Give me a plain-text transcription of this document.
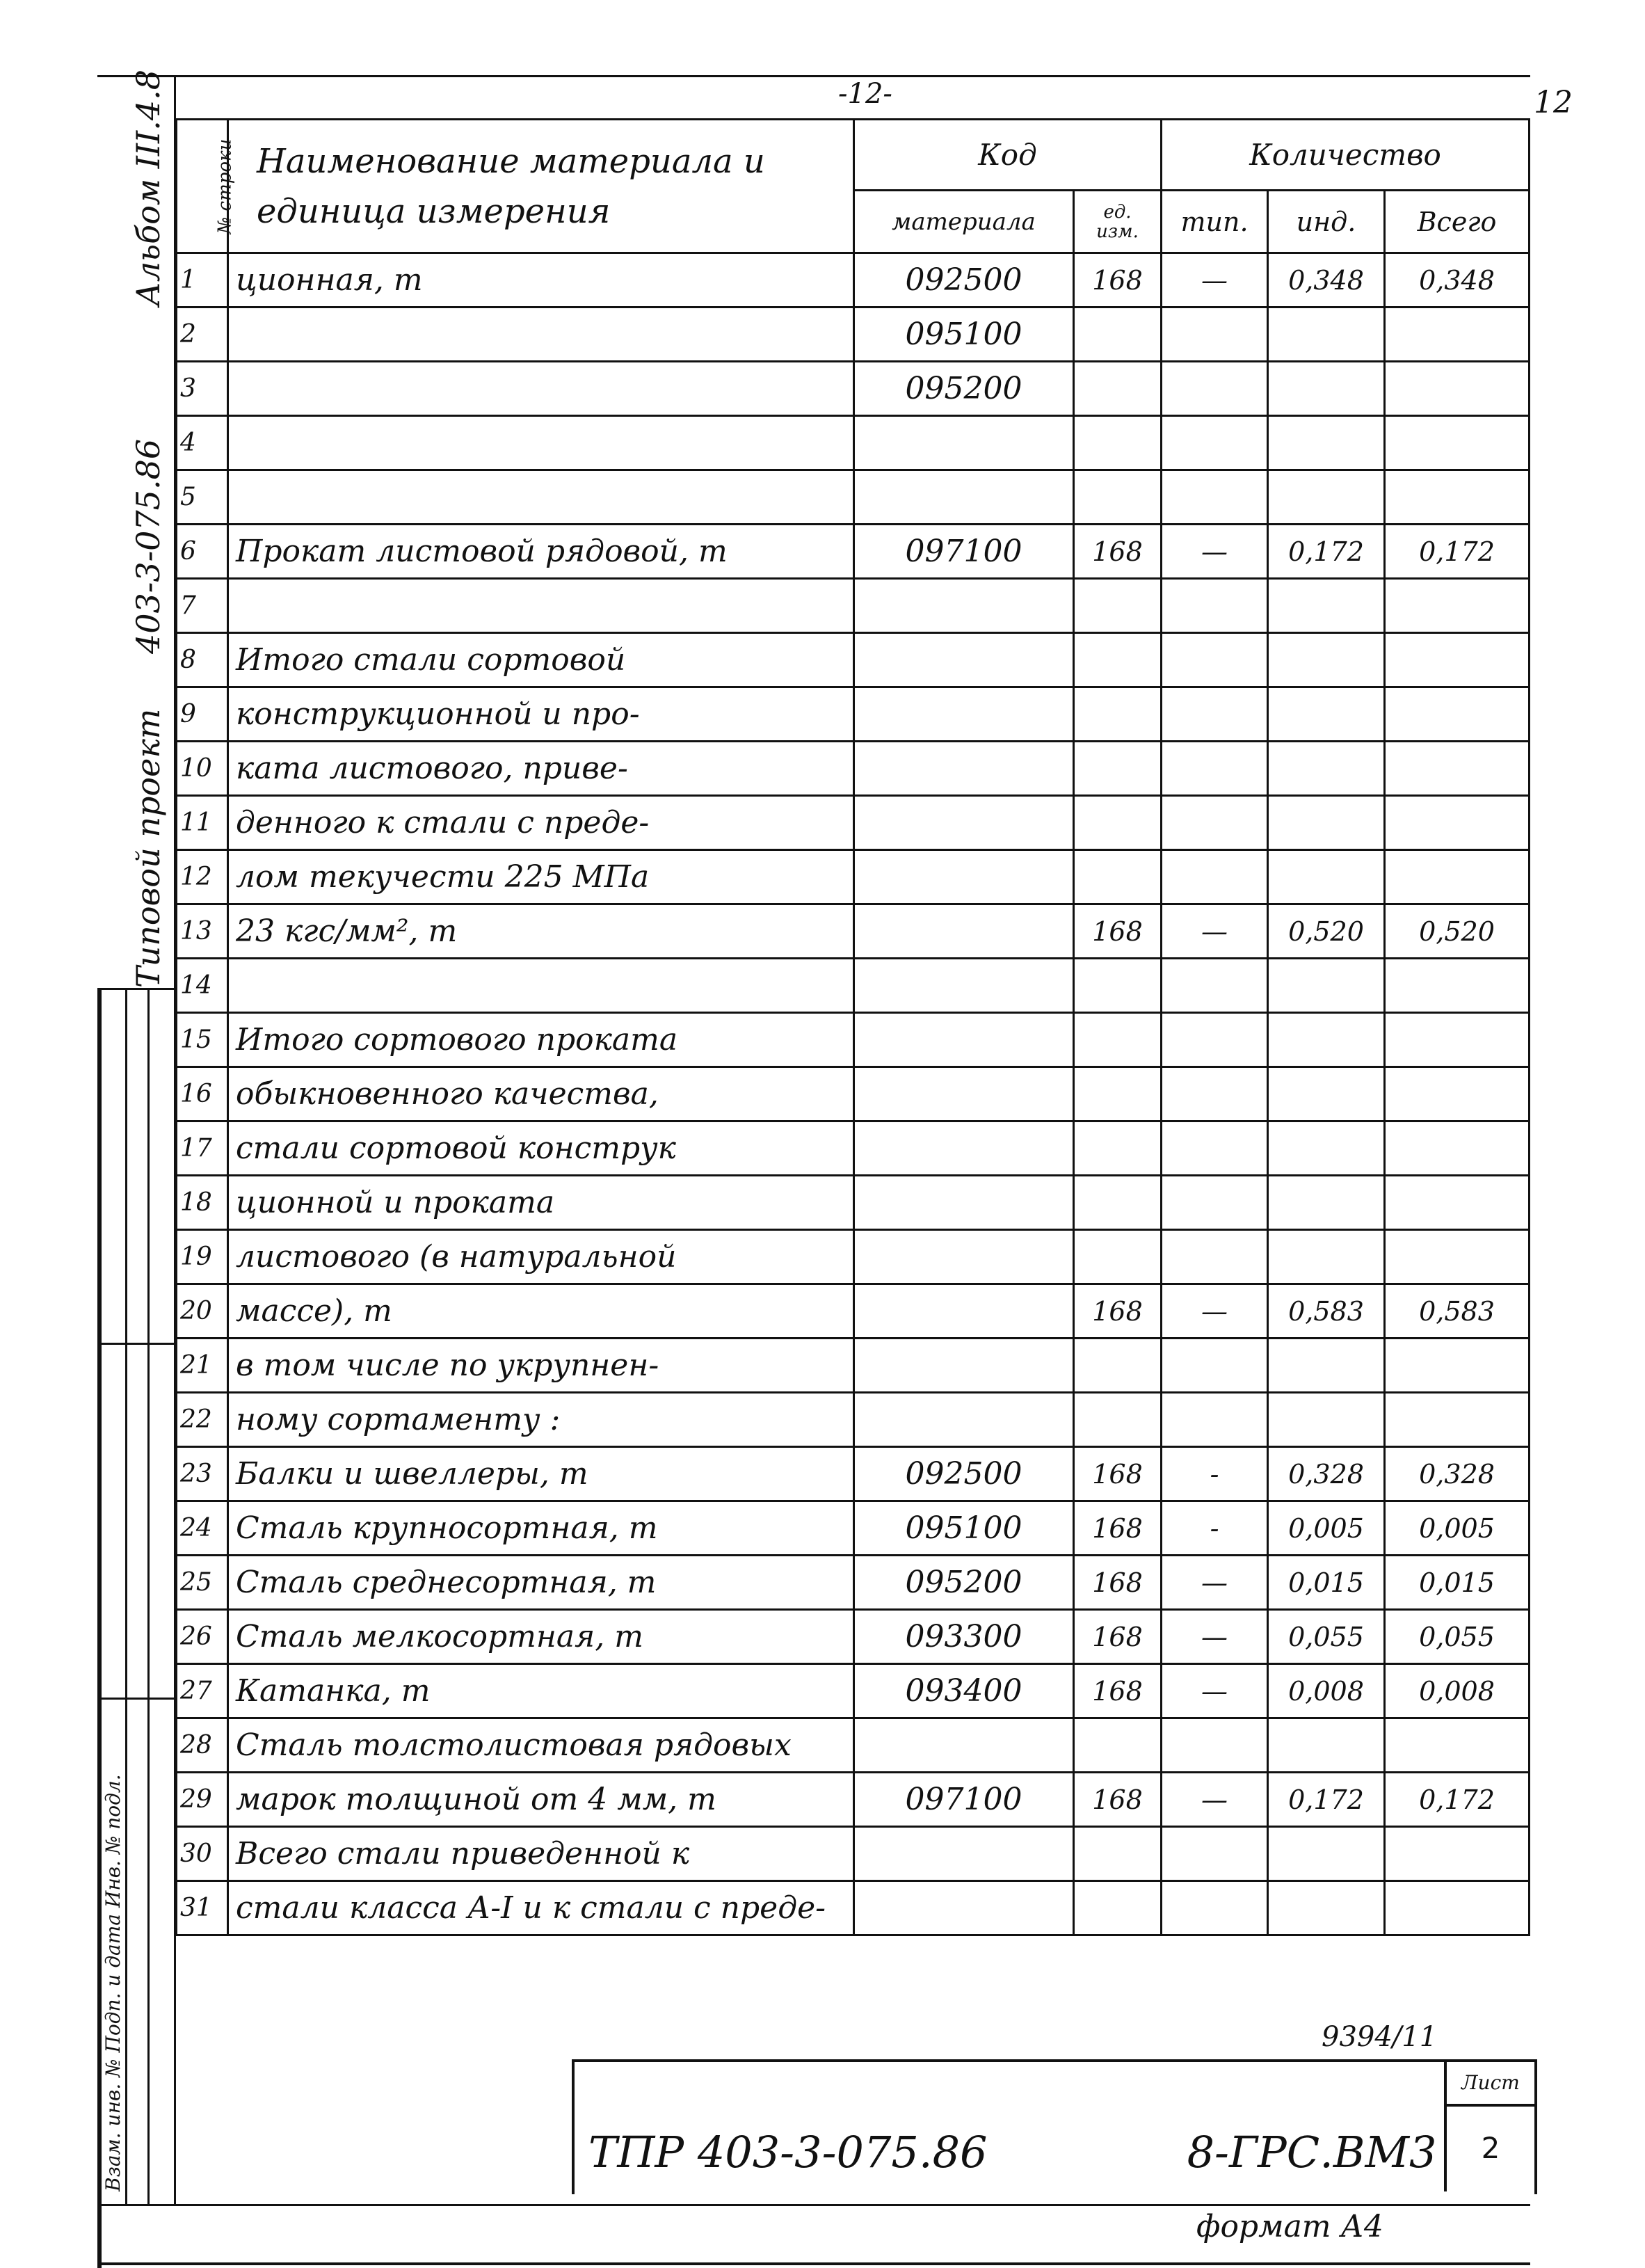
-12-	12
Альбом III.4.8
403-3-075.86
Типовой проект
Взам. инв. № Подп. и дата Инв. № подл.
№ строки	Наименование материала и единица измерения	Код		Количество		
		материала	ед. изм.	тип.	инд.	Всего
1	ционная, т	092500	168	—	0,348	0,348
2		095100				
3		095200				
4						
5						
6	Прокат листовой рядовой, т	097100	168	—	0,172	0,172
7						
8	Итого стали сортовой					
9	конструкционной и про-					
10	ката листового, приве-					
11	денного к стали с преде-					
12	лом текучести 225 МПа					
13	23 кгс/мм², т		168	—	0,520	0,520
14						
15	Итого сортового проката					
16	обыкновенного качества,					
17	стали сортовой конструк					
18	ционной и проката					
19	листового (в натуральной					
20	массе), т		168	—	0,583	0,583
21	в том числе по укрупнен-					
22	ному сортаменту :					
23	Балки и швеллеры, т	092500	168	-	0,328	0,328
24	Сталь крупносортная, т	095100	168	-	0,005	0,005
25	Сталь среднесортная, т	095200	168	—	0,015	0,015
26	Сталь мелкосортная, т	093300	168	—	0,055	0,055
27	Катанка, т	093400	168	—	0,008	0,008
28	Сталь толстолистовая рядовых					
29	марок толщиной от 4 мм, т	097100	168	—	0,172	0,172
30	Всего стали приведенной к					
31	стали класса А-I и к стали с преде-					
9394/11
ТПР 403-3-075.86	8-ГРС.ВМ3
Лист
2
формат А4
